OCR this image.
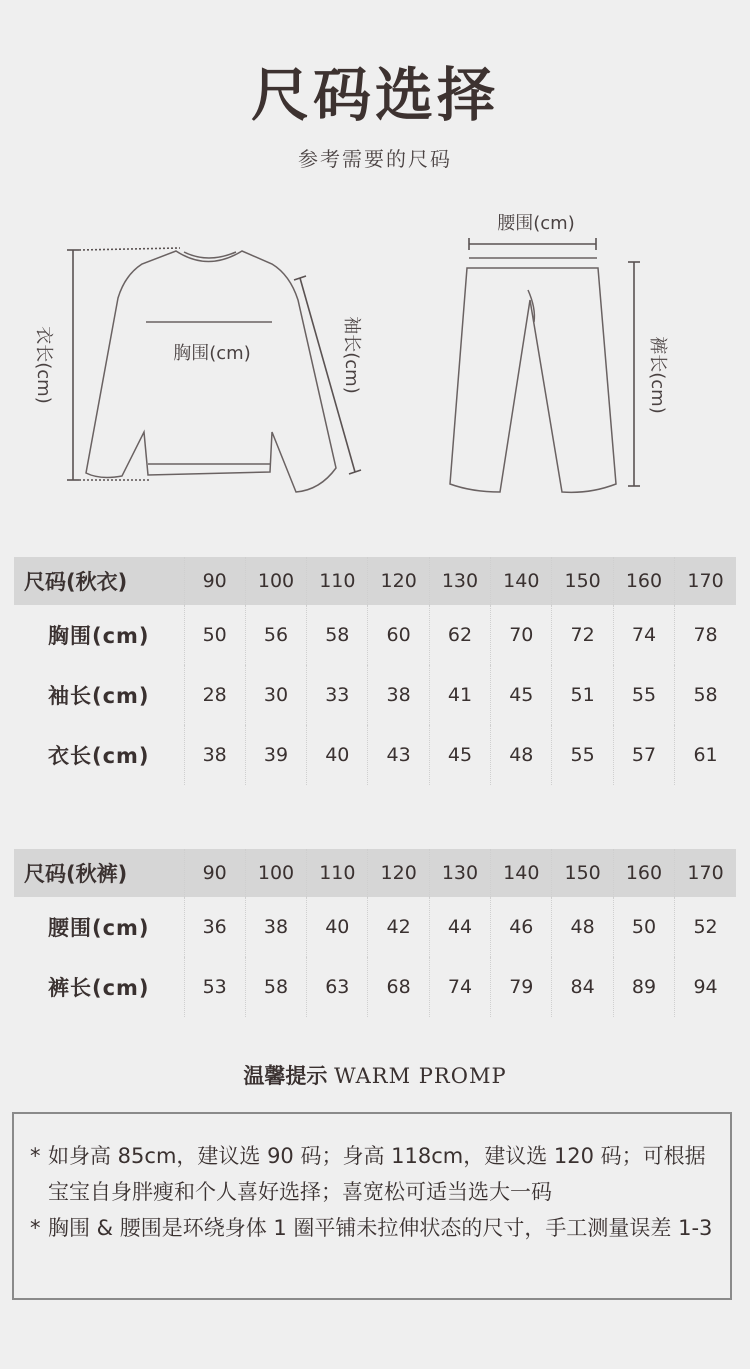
尺码选择
参考需要的尺码
衣长(cm)	胸围(cm)	袖长(cm)
腰围(cm)
裤长(cm)
尺码(秋衣)	90	100	110	120	130	140	150	160	170
胸围(cm)	50	56	58	60	62	70	72	74	78
袖长(cm)	28	30	33	38	41	45	51	55	58
衣长(cm)	38	39	40	43	45	48	55	57	61
尺码(秋裤)	90	100	110	120	130	140	150	160	170
腰围(cm)	36	38	40	42	44	46	48	50	52
裤长(cm)	53	58	63	68	74	79	84	89	94
温馨提示 WARM PROMP
* 如身高 85cm，建议选 90 码；身高 118cm，建议选 120 码；可根据宝宝自身胖瘦和个人喜好选择；喜宽松可适当选大一码
* 胸围 & 腰围是环绕身体 1 圈平铺未拉伸状态的尺寸，手工测量误差 1-3
